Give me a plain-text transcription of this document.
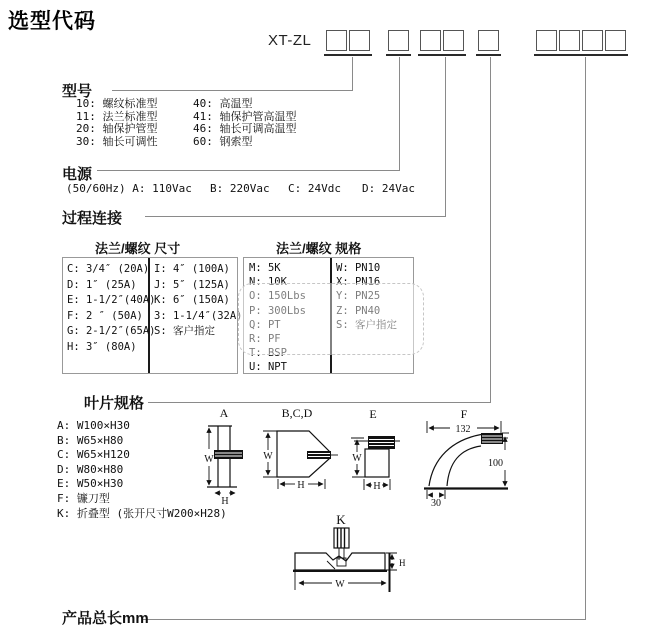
选型代码
XT-ZL
型号
10: 螺纹标准型
11: 法兰标准型
20: 轴保护管型
30: 轴长可调性
40: 高温型
41: 轴保护管高温型
46: 轴长可调高温型
60: 钢索型
电源
(50/60Hz) A: 110Vac B: 220Vac C: 24Vdc D: 24Vac
过程连接
法兰/螺纹 尺寸
C: 3/4″ (20A)
D: 1″ (25A)
E: 1-1/2″(40A)
F: 2 ″ (50A)
G: 2-1/2″(65A)
H: 3″ (80A)
I: 4″ (100A)
J: 5″ (125A)
K: 6″ (150A)
3: 1-1/4″(32A)
S: 客户指定
法兰/螺纹 规格
M: 5K
N: 10K
O: 150Lbs
P: 300Lbs
Q: PT
R: PF
T: BSP
U: NPT
W: PN10
X: PN16
Y: PN25
Z: PN40
S: 客户指定
叶片规格
A: W100×H30
B: W65×H80
C: W65×H120
D: W80×H80
E: W50×H30
F: 镰刀型
K: 折叠型 (张开尺寸W200×H28)
A
W
H
B,C,D
W
H
E
W
H
F
132
100
30
K
H
W
产品总长mm
